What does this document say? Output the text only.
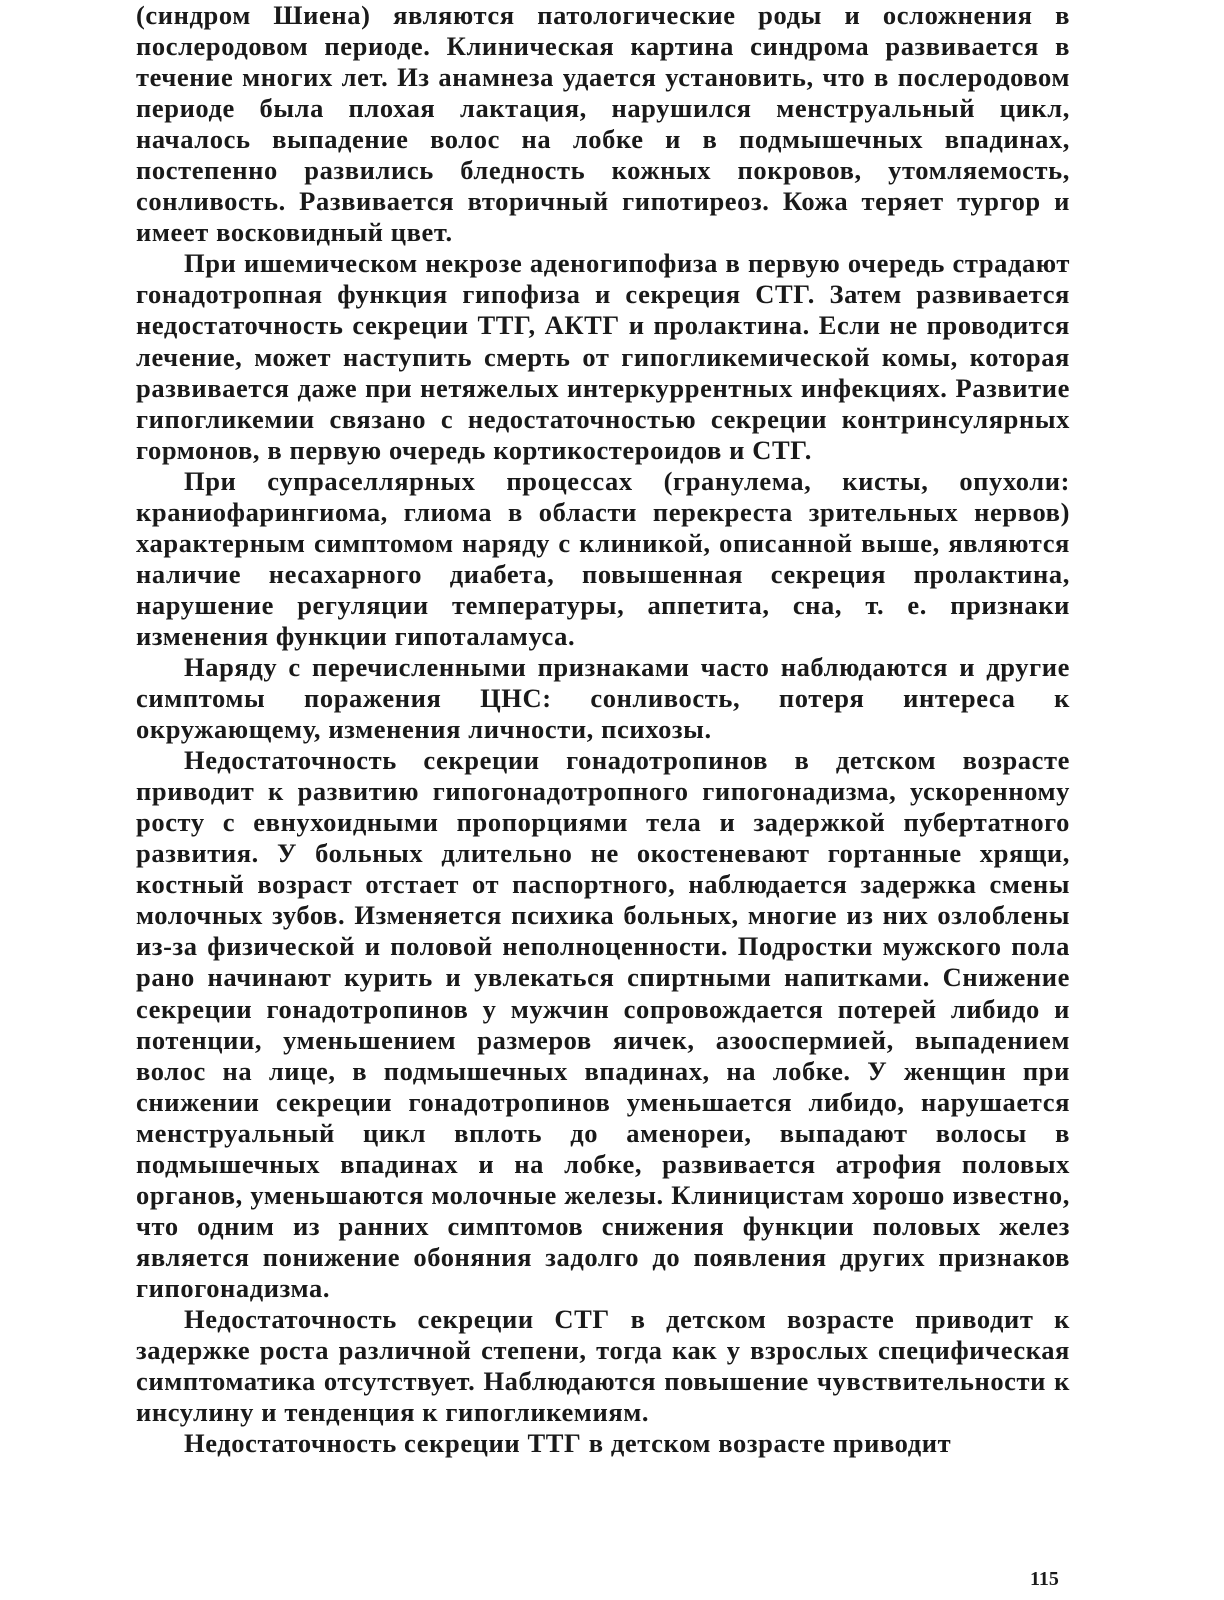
(синдром Шиена) являются патологические роды и осложнения в послеродовом периоде. Клиническая картина синдрома развивается в течение многих лет. Из анамнеза удается установить, что в послеродовом периоде была плохая лактация, нарушился менструальный цикл, началось выпадение волос на лобке и в подмышечных впадинах, постепенно развились бледность кожных покровов, утомляемость, сонливость. Развивается вторичный гипотиреоз. Кожа теряет тургор и имеет восковидный цвет.

При ишемическом некрозе аденогипофиза в первую очередь страдают гонадотропная функция гипофиза и секреция СТГ. Затем развивается недостаточность секреции ТТГ, АКТГ и пролактина. Если не проводится лечение, может наступить смерть от гипогликемической комы, которая развивается даже при нетяжелых интеркуррентных инфекциях. Развитие гипогликемии связано с недостаточностью секреции контринсулярных гормонов, в первую очередь кортикостероидов и СТГ.

При супраселлярных процессах (гранулема, кисты, опухоли: краниофарингиома, глиома в области перекреста зрительных нервов) характерным симптомом наряду с клиникой, описанной выше, являются наличие несахарного диабета, повышенная секреция пролактина, нарушение регуляции температуры, аппетита, сна, т. е. признаки изменения функции гипоталамуса.

Наряду с перечисленными признаками часто наблюдаются и другие симптомы поражения ЦНС: сонливость, потеря интереса к окружающему, изменения личности, психозы.

Недостаточность секреции гонадотропинов в детском возрасте приводит к развитию гипогонадотропного гипогонадизма, ускоренному росту с евнухоидными пропорциями тела и задержкой пубертатного развития. У больных длительно не окостеневают гортанные хрящи, костный возраст отстает от паспортного, наблюдается задержка смены молочных зубов. Изменяется психика больных, многие из них озлоблены из-за физической и половой неполноценности. Подростки мужского пола рано начинают курить и увлекаться спиртными напитками. Снижение секреции гонадотропинов у мужчин сопровождается потерей либидо и потенции, уменьшением размеров яичек, азооспермией, выпадением волос на лице, в подмышечных впадинах, на лобке. У женщин при снижении секреции гонадотропинов уменьшается либидо, нарушается менструальный цикл вплоть до аменореи, выпадают волосы в подмышечных впадинах и на лобке, развивается атрофия половых органов, уменьшаются молочные железы. Клиницистам хорошо известно, что одним из ранних симптомов снижения функции половых желез является понижение обоняния задолго до появления других признаков гипогонадизма.

Недостаточность секреции СТГ в детском возрасте приводит к задержке роста различной степени, тогда как у взрослых специфическая симптоматика отсутствует. Наблюдаются повышение чувствительности к инсулину и тенденция к гипогликемиям.

Недостаточность секреции ТТГ в детском возрасте приводит

115
